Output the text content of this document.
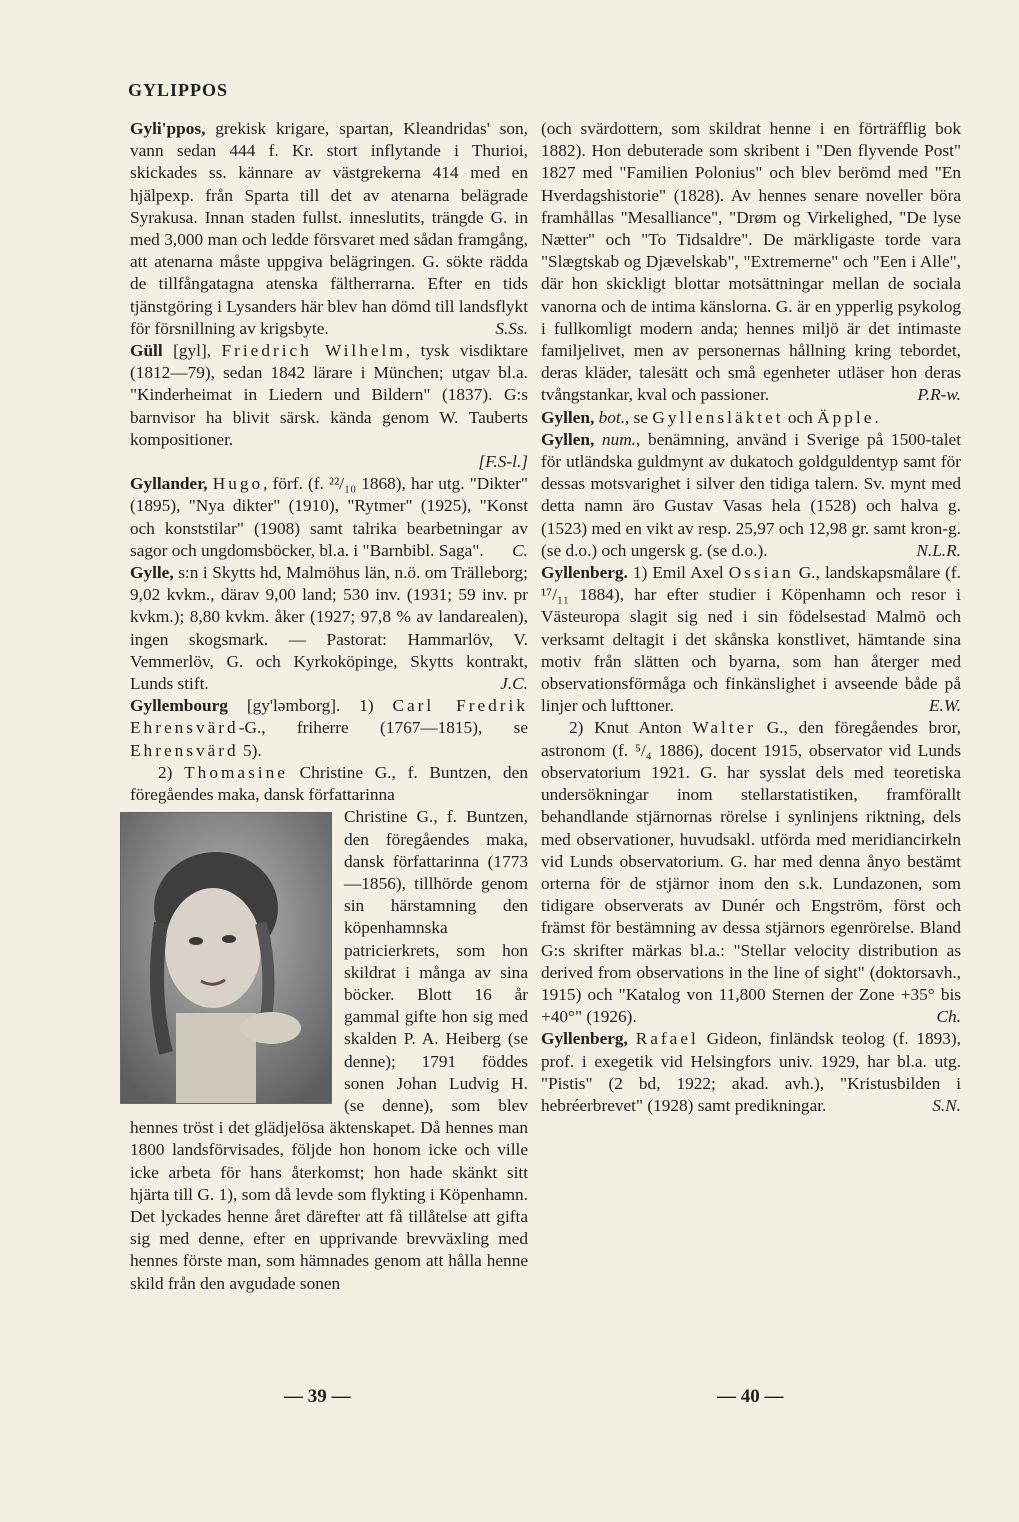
GYLIPPOS

Gyli'ppos, grekisk krigare, spartan, Kleandridas' son, vann sedan 444 f. Kr. stort inflytande i Thurioi, skickades ss. kännare av västgrekerna 414 med en hjälpexp. från Sparta till det av atenarna belägrade Syrakusa. Innan staden fullst. inneslutits, trängde G. in med 3,000 man och ledde försvaret med sådan framgång, att atenarna måste uppgiva belägringen. G. sökte rädda de tillfångatagna atenska fältherrarna. Efter en tids tjänstgöring i Lysanders här blev han dömd till landsflykt för försnillning av krigsbyte.	S.Ss.

Güll [gyl], Friedrich Wilhelm, tysk visdiktare (1812—79), sedan 1842 lärare i München; utgav bl.a. "Kinderheimat in Liedern und Bildern" (1837). G:s barnvisor ha blivit särsk. kända genom W. Tauberts kompositioner.

[F.S-l.]

Gyllander, Hugo, förf. (f. ²²/₁₀ 1868), har utg. "Dikter" (1895), "Nya dikter" (1910), "Rytmer" (1925), "Konst och konststilar" (1908) samt talrika bearbetningar av sagor och ungdomsböcker, bl.a. i "Barnbibl. Saga". C.

Gylle, s:n i Skytts hd, Malmöhus län, n.ö. om Trälleborg; 9,02 kvkm., därav 9,00 land; 530 inv. (1931; 59 inv. pr kvkm.); 8,80 kvkm. åker (1927; 97,8 % av landarealen), ingen skogsmark. — Pastorat: Hammarlöv, V. Vemmerlöv, G. och Kyrkoköpinge, Skytts kontrakt, Lunds stift.	J.C.

Gyllembourg [gy'ləmborg]. 1) Carl Fredrik Ehrensvärd-G., friherre (1767—1815), se Ehrensvärd 5).

2) Thomasine Christine G., f. Buntzen, den föregåendes maka, dansk författarinna

Christine G., f. Buntzen, den föregåendes maka, dansk författarinna (1773—1856), tillhörde genom sin härstamning den köpenhamnska patricierkrets, som hon skildrat i många av sina böcker. Blott 16 år gammal gifte hon sig med skalden P. A. Heiberg (se denne); 1791 föddes sonen Johan Ludvig H. (se denne), som blev hennes tröst i det glädjelösa äktenskapet. Då hennes man 1800 landsförvisades, följde hon honom icke och ville icke arbeta för hans återkomst; hon hade skänkt sitt hjärta till G. 1), som då levde som flykting i Köpenhamn. Det lyckades henne året därefter att få tillåtelse att gifta sig med denne, efter en upprivande brevväxling med hennes förste man, som hämnades genom att hålla henne skild från den avgudade sonen

(och svärdottern, som skildrat henne i en förträfflig bok 1882). Hon debuterade som skribent i "Den flyvende Post" 1827 med "Familien Polonius" och blev berömd med "En Hverdagshistorie" (1828). Av hennes senare noveller böra framhållas "Mesalliance", "Drøm og Virkelighed, "De lyse Nætter" och "To Tidsaldre". De märkligaste torde vara "Slægtskab og Djævelskab", "Extremerne" och "Een i Alle", där hon skickligt blottar motsättningar mellan de sociala vanorna och de intima känslorna. G. är en ypperlig psykolog i fullkomligt modern anda; hennes miljö är det intimaste familjelivet, men av personernas hållning kring tebordet, deras kläder, talesätt och små egenheter utläser hon deras tvångstankar, kval och passioner.	P.R-w.

Gyllen, bot., se Gyllensläktet och Äpple.

Gyllen, num., benämning, använd i Sverige på 1500-talet för utländska guldmynt av dukatoch goldguldentyp samt för dessas motsvarighet i silver den tidiga talern. Sv. mynt med detta namn äro Gustav Vasas hela (1528) och halva g. (1523) med en vikt av resp. 25,97 och 12,98 gr. samt kron-g. (se d.o.) och ungersk g. (se d.o.).	N.L.R.

Gyllenberg. 1) Emil Axel Ossian G., landskapsmålare (f. ¹⁷/₁₁ 1884), har efter studier i Köpenhamn och resor i Västeuropa slagit sig ned i sin födelsestad Malmö och verksamt deltagit i det skånska konstlivet, hämtande sina motiv från slätten och byarna, som han återger med observationsförmåga och finkänslighet i avseende både på linjer och lufttoner.	E.W.

2) Knut Anton Walter G., den föregåendes bror, astronom (f. ⁵/₄ 1886), docent 1915, observator vid Lunds observatorium 1921. G. har sysslat dels med teoretiska undersökningar inom stellarstatistiken, framförallt behandlande stjärnornas rörelse i synlinjens riktning, dels med observationer, huvudsakl. utförda med meridiancirkeln vid Lunds observatorium. G. har med denna ånyo bestämt orterna för de stjärnor inom den s.k. Lundazonen, som tidigare observerats av Dunér och Engström, först och främst för bestämning av dessa stjärnors egenrörelse. Bland G:s skrifter märkas bl.a.: "Stellar velocity distribution as derived from observations in the line of sight" (doktorsavh., 1915) och "Katalog von 11,800 Sternen der Zone +35° bis +40°" (1926).	Ch.

Gyllenberg, Rafael Gideon, finländsk teolog (f. 1893), prof. i exegetik vid Helsingfors univ. 1929, har bl.a. utg. "Pistis" (2 bd, 1922; akad. avh.), "Kristusbilden i hebréerbrevet" (1928) samt predikningar.	S.N.

— 39 —	— 40 —
